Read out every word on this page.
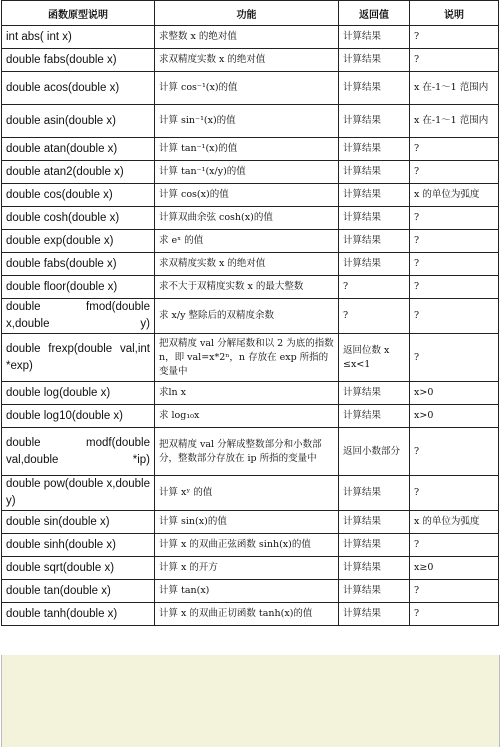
函数原型说明	功能	返回值	说明
int abs( int x)	求整数 x 的绝对值	计算结果	?
double fabs(double x)	求双精度实数 x 的绝对值	计算结果	?
double acos(double x)	计算 cos⁻¹(x)的值	计算结果	x 在-1～1 范围内
double asin(double x)	计算 sin⁻¹(x)的值	计算结果	x 在-1～1 范围内
double atan(double x)	计算 tan⁻¹(x)的值	计算结果	?
double atan2(double x)	计算 tan⁻¹(x/y)的值	计算结果	?
double cos(double x)	计算 cos(x)的值	计算结果	x 的单位为弧度
double cosh(double x)	计算双曲余弦 cosh(x)的值	计算结果	?
double exp(double x)	求 eˣ 的值	计算结果	?
double fabs(double x)	求双精度实数 x 的绝对值	计算结果	?
double floor(double x)	求不大于双精度实数 x 的最大整数	?	?
double fmod(double x,double y)	求 x/y 整除后的双精度余数	?	?
double frexp(double val,int *exp)	把双精度 val 分解尾数和以 2 为底的指数 n，即 val=x*2ⁿ，n 存放在 exp 所指的变量中	返回位数 x ≤x<1	?
double log(double x)	求ln x	计算结果	x>0
double log10(double x)	求 log₁₀x	计算结果	x>0
double modf(double val,double *ip)	把双精度 val 分解成整数部分和小数部分，整数部分存放在 ip 所指的变量中	返回小数部分	?
double pow(double x,double y)	计算 xʸ 的值	计算结果	?
double sin(double x)	计算 sin(x)的值	计算结果	x 的单位为弧度
double sinh(double x)	计算 x 的双曲正弦函数 sinh(x)的值	计算结果	?
double sqrt(double x)	计算 x 的开方	计算结果	x≥0
double tan(double x)	计算 tan(x)	计算结果	?
double tanh(double x)	计算 x 的双曲正切函数 tanh(x)的值	计算结果	?
